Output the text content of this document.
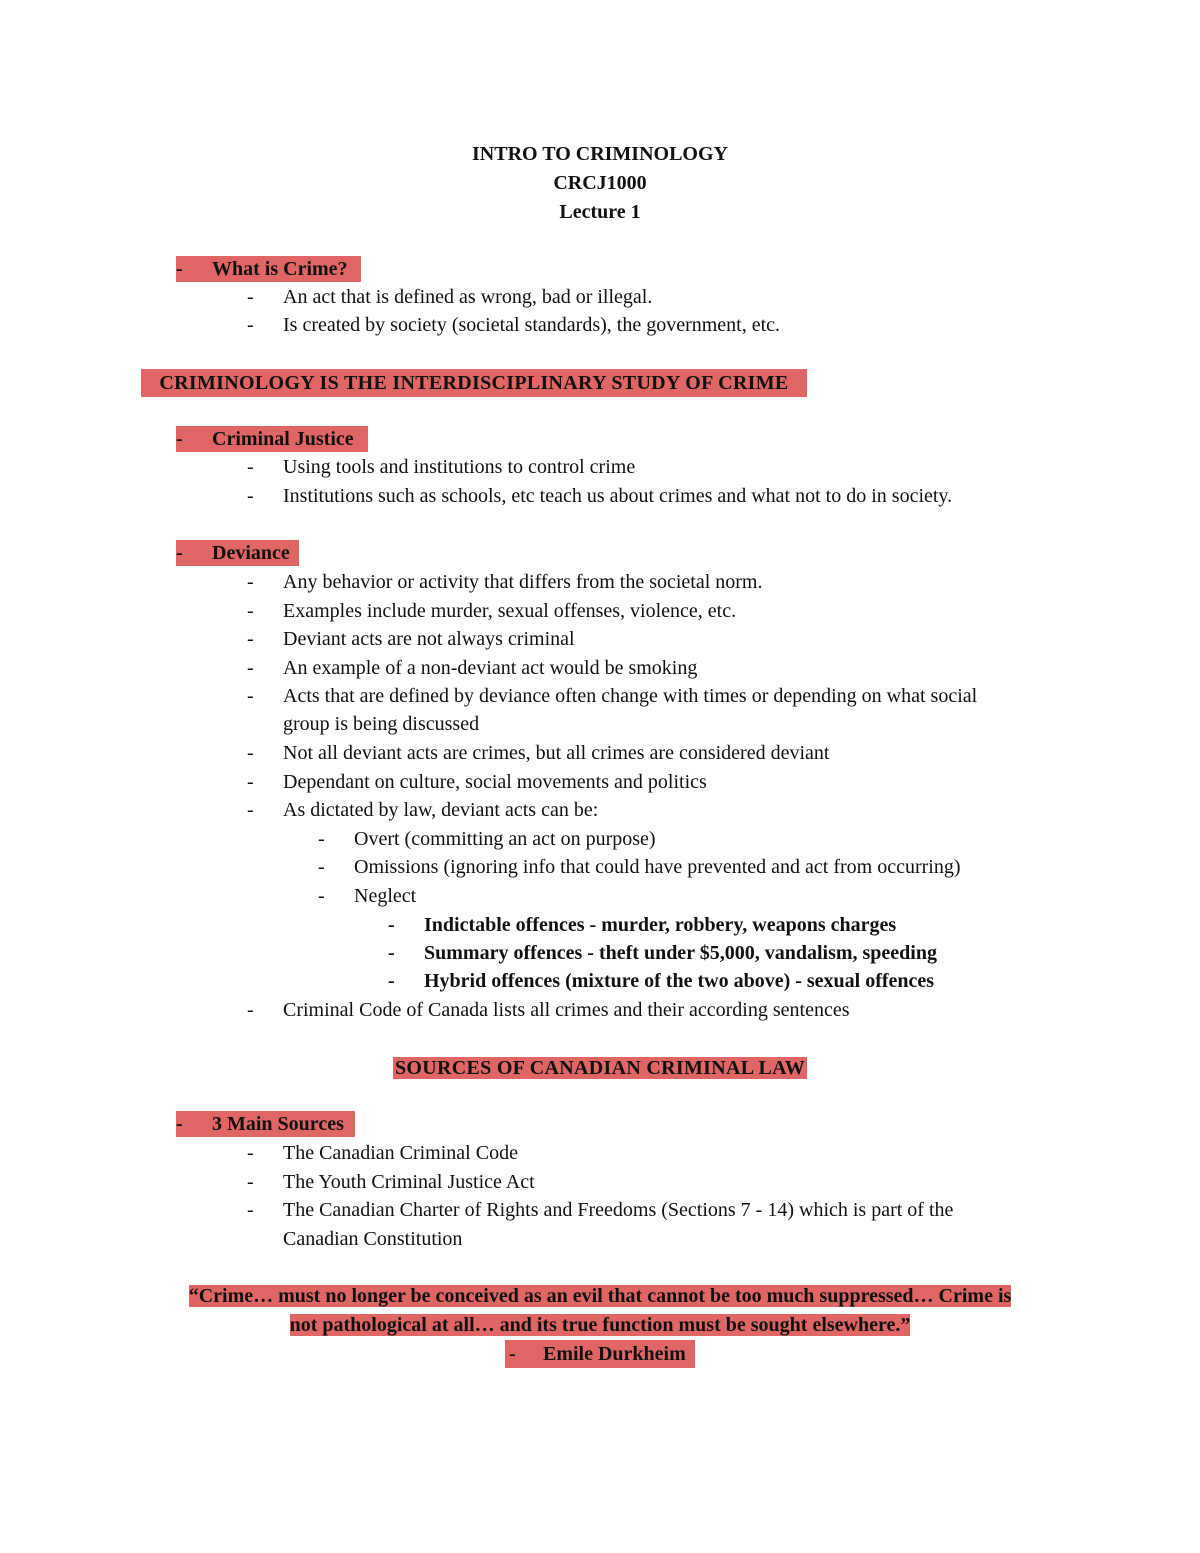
INTRO TO CRIMINOLOGY
CRCJ1000
Lecture 1
-	What is Crime?
-	An act that is defined as wrong, bad or illegal.
-	Is created by society (societal standards), the government, etc.
CRIMINOLOGY IS THE INTERDISCIPLINARY STUDY OF CRIME
-	Criminal Justice
-	Using tools and institutions to control crime
-	Institutions such as schools, etc teach us about crimes and what not to do in society.
-	Deviance
-	Any behavior or activity that differs from the societal norm.
-	Examples include murder, sexual offenses, violence, etc.
-	Deviant acts are not always criminal
-	An example of a non-deviant act would be smoking
-	Acts that are defined by deviance often change with times or depending on what social
group is being discussed
-	Not all deviant acts are crimes, but all crimes are considered deviant
-	Dependant on culture, social movements and politics
-	As dictated by law, deviant acts can be:
-	Overt (committing an act on purpose)
-	Omissions (ignoring info that could have prevented and act from occurring)
-	Neglect
-	Indictable offences - murder, robbery, weapons charges
-	Summary offences - theft under $5,000, vandalism, speeding
-	Hybrid offences (mixture of the two above) - sexual offences
-	Criminal Code of Canada lists all crimes and their according sentences
SOURCES OF CANADIAN CRIMINAL LAW
-	3 Main Sources
-	The Canadian Criminal Code
-	The Youth Criminal Justice Act
-	The Canadian Charter of Rights and Freedoms (Sections 7 - 14) which is part of the
Canadian Constitution
“Crime… must no longer be conceived as an evil that cannot be too much suppressed… Crime is
not pathological at all… and its true function must be sought elsewhere.”
- Emile Durkheim
